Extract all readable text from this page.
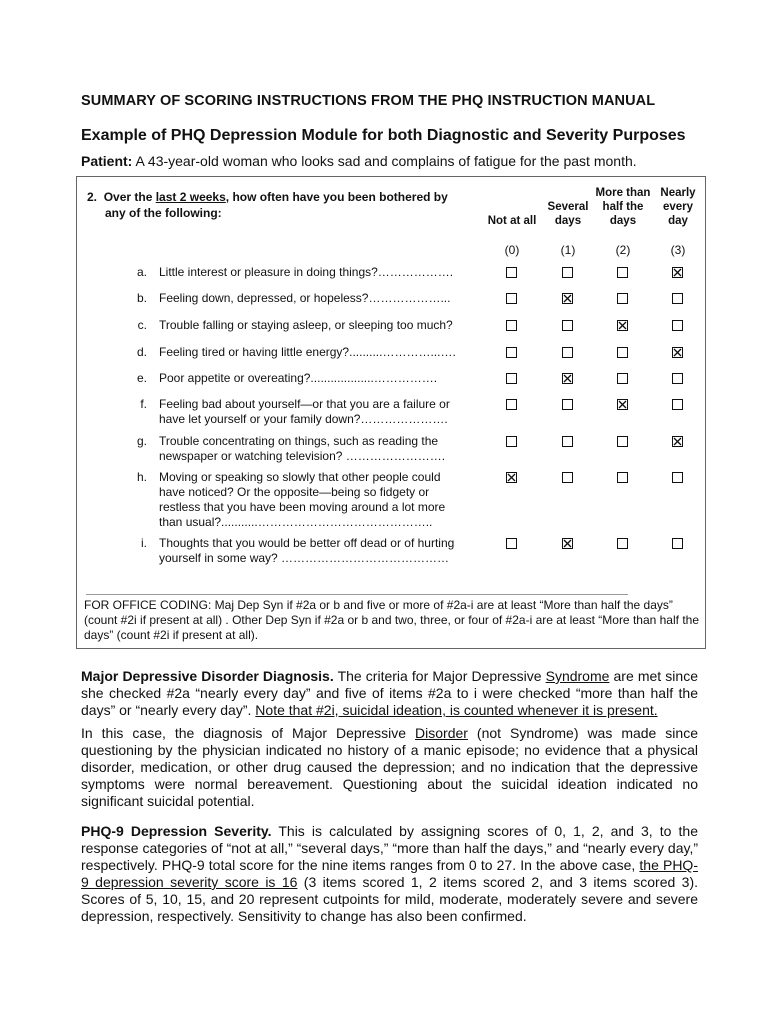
SUMMARY OF SCORING INSTRUCTIONS FROM THE PHQ INSTRUCTION MANUAL
Example of PHQ Depression Module for both Diagnostic and Severity Purposes
Patient: A 43-year-old woman who looks sad and complains of fatigue for the past month.
2. Over the last 2 weeks, how often have you been bothered by
any of the following:
Not at all
(0)
Several
days
(1)
More than
half the
days
(2)
Nearly
every
day
(3)
a. Little interest or pleasure in doing things?……………….
b. Feeling down, depressed, or hopeless?………………...
c. Trouble falling or staying asleep, or sleeping too much?
d. Feeling tired or having little energy?..........…………...….
e. Poor appetite or overeating?...................…………….
f. Feeling bad about yourself—or that you are a failure or
have let yourself or your family down?………………….
g. Trouble concentrating on things, such as reading the
newspaper or watching television? …………………….
h. Moving or speaking so slowly that other people could
have noticed? Or the opposite—being so fidgety or
restless that you have been moving around a lot more
than usual?...........……………………………………..
i. Thoughts that you would be better off dead or of hurting
yourself in some way? ……………………………………
FOR OFFICE CODING: Maj Dep Syn if #2a or b and five or more of #2a-i are at least “More than half the days” (count #2i if present at all) . Other Dep Syn if #2a or b and two, three, or four of #2a-i are at least “More than half the days” (count #2i if present at all).
Major Depressive Disorder Diagnosis. The criteria for Major Depressive Syndrome are met since she checked #2a “nearly every day” and five of items #2a to i were checked “more than half the days” or “nearly every day”. Note that #2i, suicidal ideation, is counted whenever it is present.
In this case, the diagnosis of Major Depressive Disorder (not Syndrome) was made since questioning by the physician indicated no history of a manic episode; no evidence that a physical disorder, medication, or other drug caused the depression; and no indication that the depressive symptoms were normal bereavement. Questioning about the suicidal ideation indicated no significant suicidal potential.
PHQ-9 Depression Severity. This is calculated by assigning scores of 0, 1, 2, and 3, to the response categories of “not at all,” “several days,” “more than half the days,” and “nearly every day,” respectively. PHQ-9 total score for the nine items ranges from 0 to 27. In the above case, the PHQ-9 depression severity score is 16 (3 items scored 1, 2 items scored 2, and 3 items scored 3). Scores of 5, 10, 15, and 20 represent cutpoints for mild, moderate, moderately severe and severe depression, respectively. Sensitivity to change has also been confirmed.
